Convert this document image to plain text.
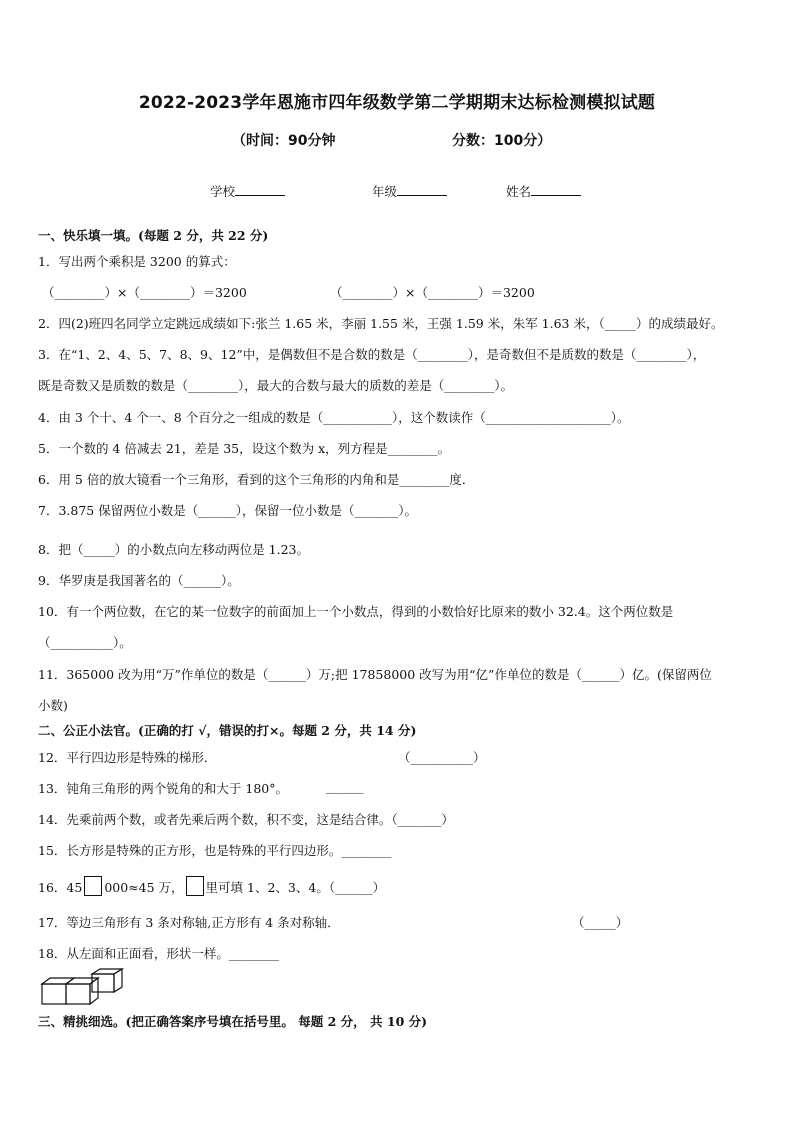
2022-2023学年恩施市四年级数学第二学期期末达标检测模拟试题
（时间：90分钟	分数：100分）
学校	年级	姓名
一、快乐填一填。(每题 2 分，共 22 分)
1．写出两个乘积是 3200 的算式：
（________）×（________）＝3200	（________）×（________）＝3200
2．四(2)班四名同学立定跳远成绩如下:张兰 1.65 米，李丽 1.55 米，王强 1.59 米，朱军 1.63 米，（_____）的成绩最好。
3．在“1、2、4、5、7、8、9、12”中，是偶数但不是合数的数是（________），是奇数但不是质数的数是（________），
既是奇数又是质数的数是（________），最大的合数与最大的质数的差是（________）。
4．由 3 个十、4 个一、8 个百分之一组成的数是（___________），这个数读作（____________________）。
5．一个数的 4 倍减去 21，差是 35，设这个数为 x，列方程是________。
6．用 5 倍的放大镜看一个三角形，看到的这个三角形的内角和是________度．
7．3.875 保留两位小数是（______），保留一位小数是（_______）。
8．把（_____）的小数点向左移动两位是 1.23。
9．华罗庚是我国著名的（______）。
10．有一个两位数，在它的某一位数字的前面加上一个小数点，得到的小数恰好比原来的数小 32.4。这个两位数是
（__________）。
11．365000 改为用“万”作单位的数是（______）万;把 17858000 改写为用“亿”作单位的数是（______）亿。(保留两位
小数)
二、公正小法官。(正确的打 √，错误的打×。每题 2 分，共 14 分)
12．平行四边形是特殊的梯形．	（__________）
13．钝角三角形的两个锐角的和大于 180°。	______
14．先乘前两个数，或者先乘后两个数，积不变，这是结合律。（_______）
15．长方形是特殊的正方形，也是特殊的平行四边形。________
16．45 000≈45 万， 里可填 1、2、3、4。（______）
17．等边三角形有 3 条对称轴,正方形有 4 条对称轴．	（_____）
18．从左面和正面看，形状一样。________
三、精挑细选。(把正确答案序号填在括号里。 每题 2 分， 共 10 分)
